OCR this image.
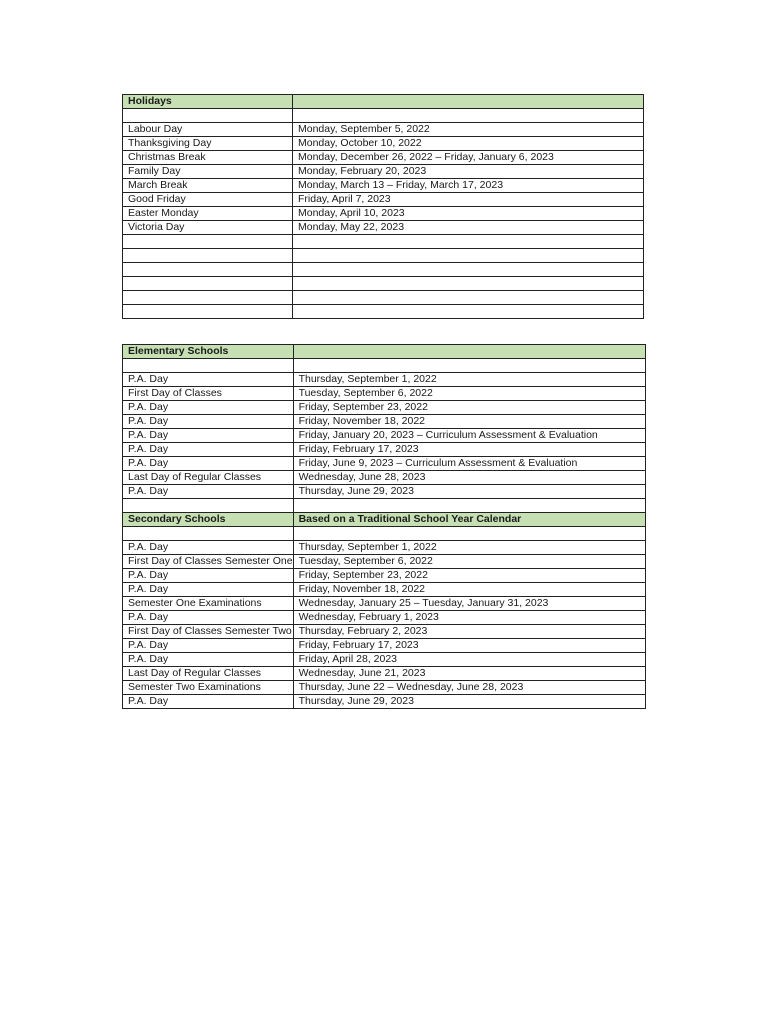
Holidays	

Labour Day	Monday, September 5, 2022
Thanksgiving Day	Monday, October 10, 2022
Christmas Break	Monday, December 26, 2022 – Friday, January 6, 2023
Family Day	Monday, February 20, 2023
March Break	Monday, March 13 – Friday, March 17, 2023
Good Friday	Friday, April 7, 2023
Easter Monday	Monday, April 10, 2023
Victoria Day	Monday, May 22, 2023

Elementary Schools	

P.A. Day	Thursday, September 1, 2022
First Day of Classes	Tuesday, September 6, 2022
P.A. Day	Friday, September 23, 2022
P.A. Day	Friday, November 18, 2022
P.A. Day	Friday, January 20, 2023 – Curriculum Assessment & Evaluation
P.A. Day	Friday, February 17, 2023
P.A. Day	Friday, June 9, 2023 – Curriculum Assessment & Evaluation
Last Day of Regular Classes	Wednesday, June 28, 2023
P.A. Day	Thursday, June 29, 2023

Secondary Schools	Based on a Traditional School Year Calendar

P.A. Day	Thursday, September 1, 2022
First Day of Classes Semester One	Tuesday, September 6, 2022
P.A. Day	Friday, September 23, 2022
P.A. Day	Friday, November 18, 2022
Semester One Examinations	Wednesday, January 25 – Tuesday, January 31, 2023
P.A. Day	Wednesday, February 1, 2023
First Day of Classes Semester Two	Thursday, February 2, 2023
P.A. Day	Friday, February 17, 2023
P.A. Day	Friday, April 28, 2023
Last Day of Regular Classes	Wednesday, June 21, 2023
Semester Two Examinations	Thursday, June 22 – Wednesday, June 28, 2023
P.A. Day	Thursday, June 29, 2023
